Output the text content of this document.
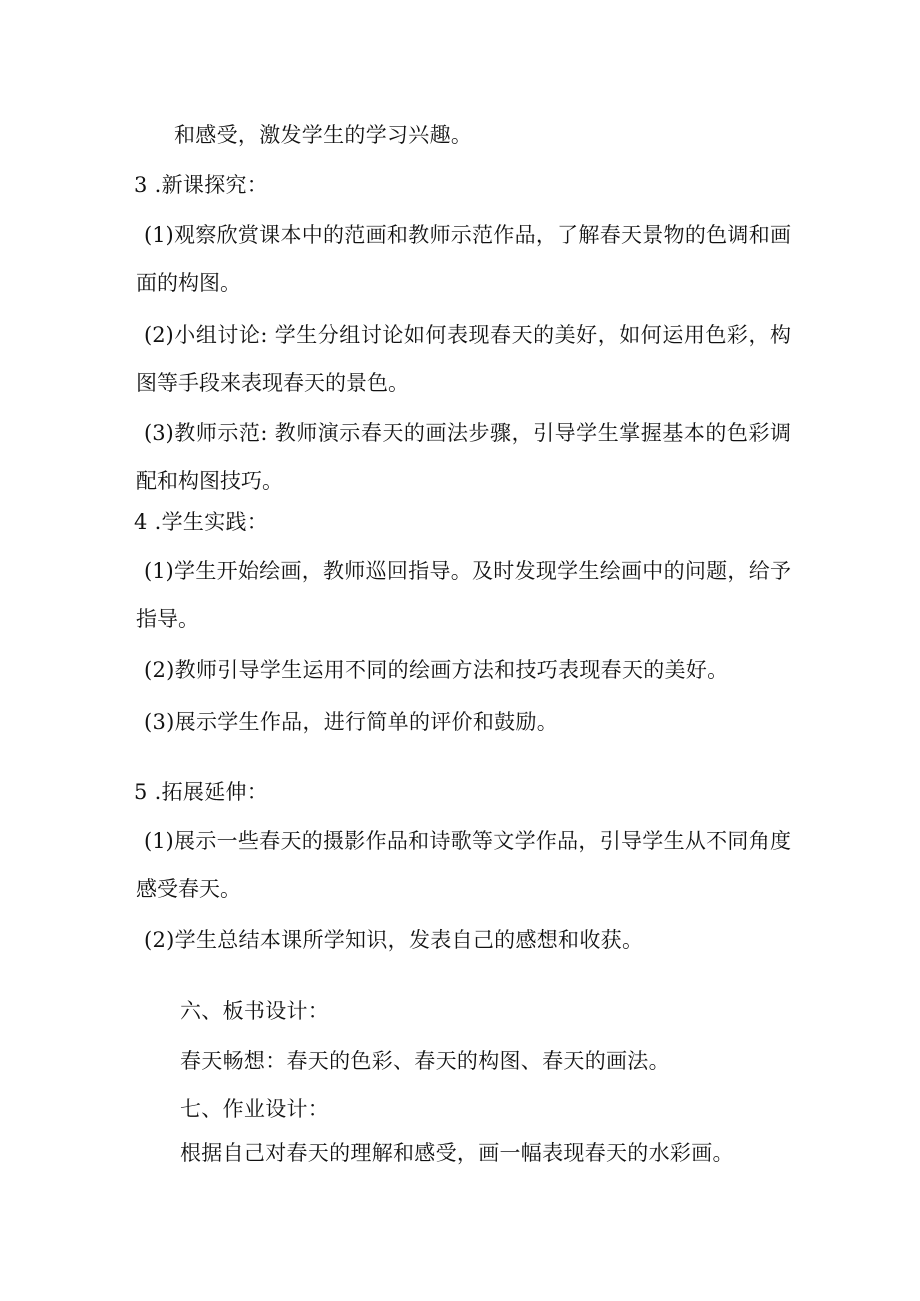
和感受，激发学生的学习兴趣。
3 .新课探究：
(1)观察欣赏课本中的范画和教师示范作品，了解春天景物的色调和画面的构图。
(2)小组讨论: 学生分组讨论如何表现春天的美好，如何运用色彩，构图等手段来表现春天的景色。
(3)教师示范: 教师演示春天的画法步骤，引导学生掌握基本的色彩调配和构图技巧。
4 .学生实践：
(1)学生开始绘画，教师巡回指导。及时发现学生绘画中的问题，给予指导。
(2)教师引导学生运用不同的绘画方法和技巧表现春天的美好。
(3)展示学生作品，进行简单的评价和鼓励。
5 .拓展延伸：
(1)展示一些春天的摄影作品和诗歌等文学作品，引导学生从不同角度感受春天。
(2)学生总结本课所学知识，发表自己的感想和收获。
六、板书设计：
春天畅想：春天的色彩、春天的构图、春天的画法。
七、作业设计：
根据自己对春天的理解和感受，画一幅表现春天的水彩画。
